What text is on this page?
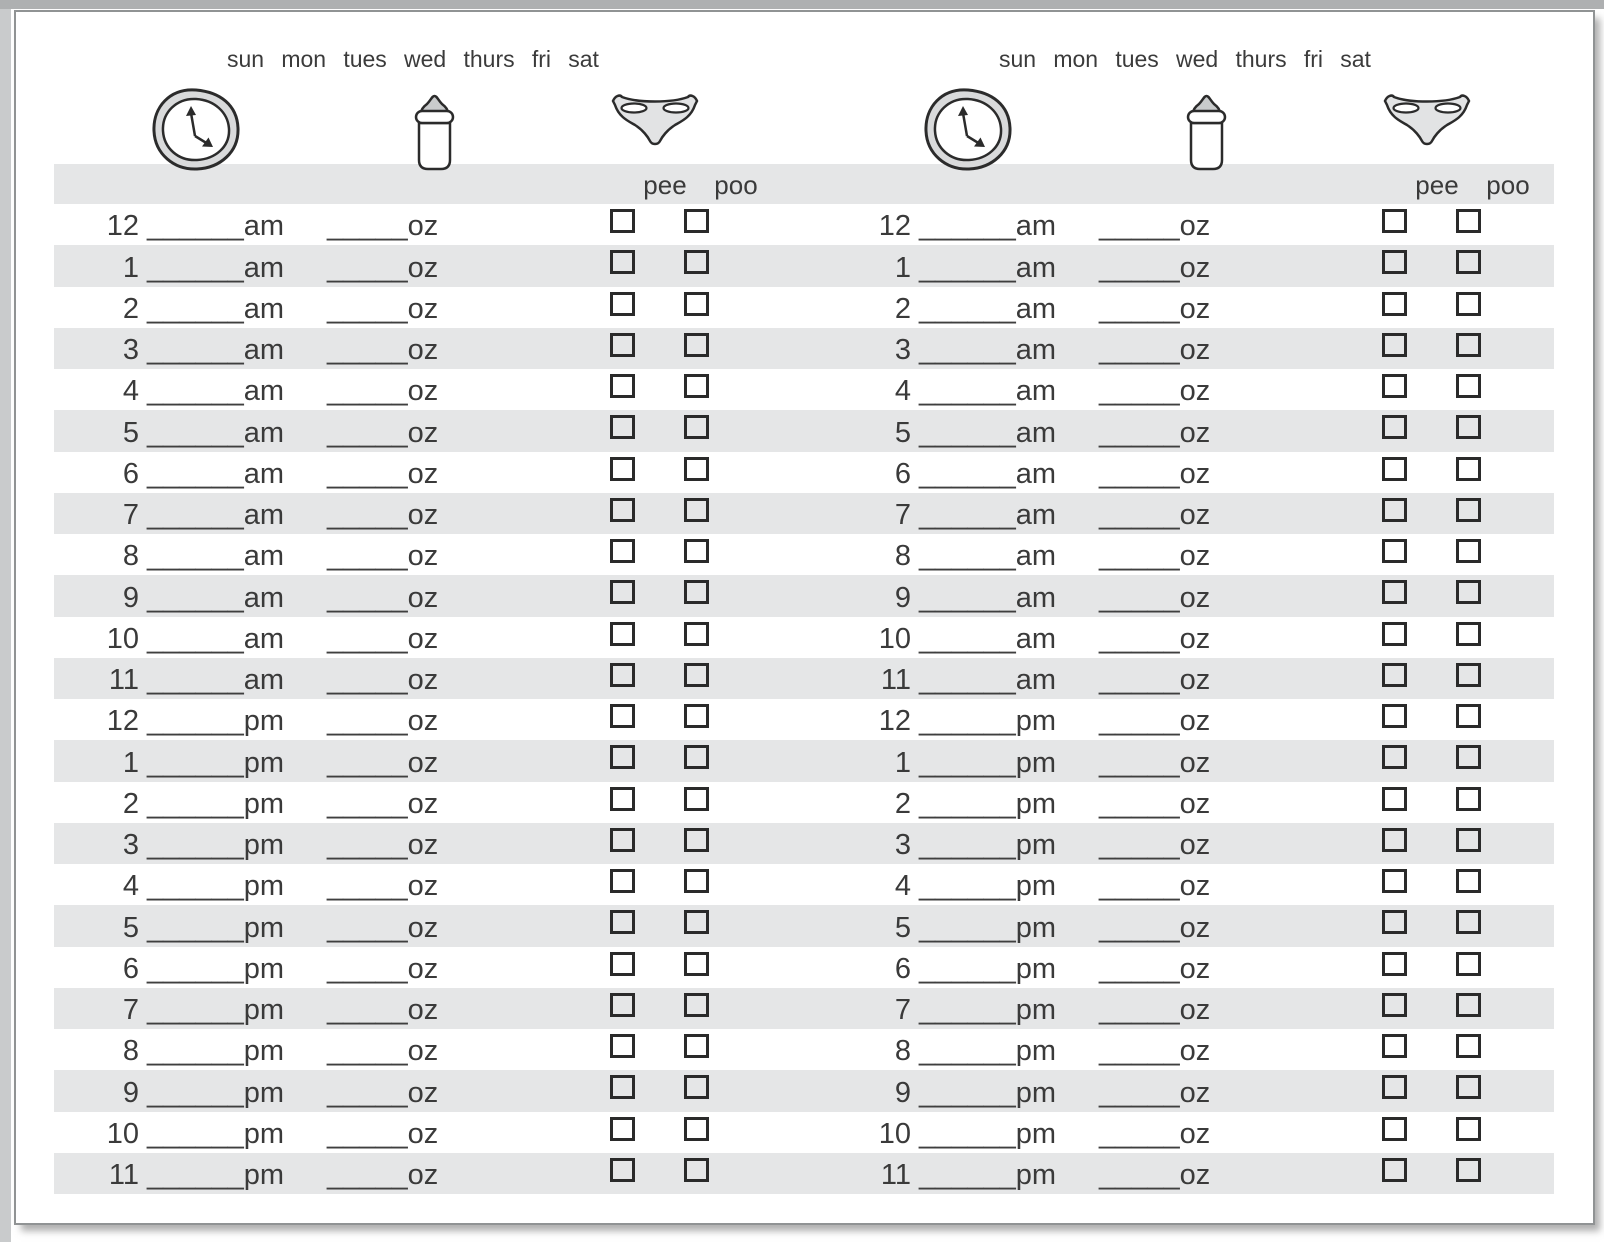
sun mon tues wed thurs fri sat	sun mon tues wed thurs fri sat
pee	poo	pee	poo
12 ______ am _____ oz	12 ______ am _____ oz
1 ______ am _____ oz	1 ______ am _____ oz
2 ______ am _____ oz	2 ______ am _____ oz
3 ______ am _____ oz	3 ______ am _____ oz
4 ______ am _____ oz	4 ______ am _____ oz
5 ______ am _____ oz	5 ______ am _____ oz
6 ______ am _____ oz	6 ______ am _____ oz
7 ______ am _____ oz	7 ______ am _____ oz
8 ______ am _____ oz	8 ______ am _____ oz
9 ______ am _____ oz	9 ______ am _____ oz
10 ______ am _____ oz	10 ______ am _____ oz
11 ______ am _____ oz	11 ______ am _____ oz
12 ______ pm _____ oz	12 ______ pm _____ oz
1 ______ pm _____ oz	1 ______ pm _____ oz
2 ______ pm _____ oz	2 ______ pm _____ oz
3 ______ pm _____ oz	3 ______ pm _____ oz
4 ______ pm _____ oz	4 ______ pm _____ oz
5 ______ pm _____ oz	5 ______ pm _____ oz
6 ______ pm _____ oz	6 ______ pm _____ oz
7 ______ pm _____ oz	7 ______ pm _____ oz
8 ______ pm _____ oz	8 ______ pm _____ oz
9 ______ pm _____ oz	9 ______ pm _____ oz
10 ______ pm _____ oz	10 ______ pm _____ oz
11 ______ pm _____ oz	11 ______ pm _____ oz
